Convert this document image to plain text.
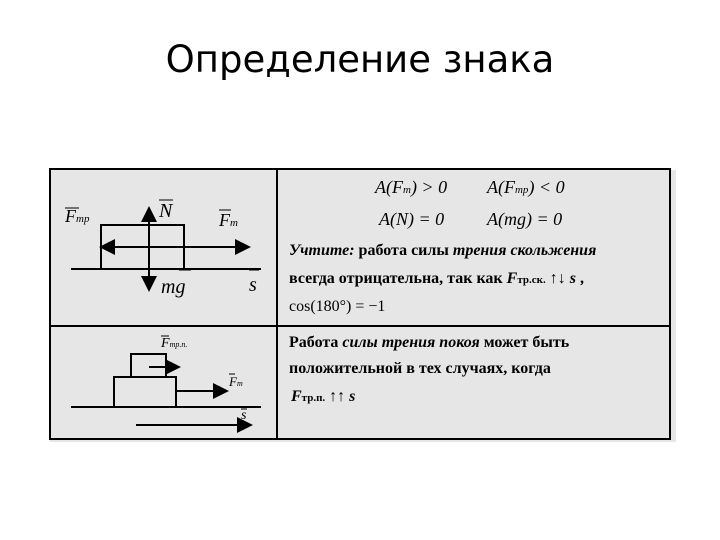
Определение знака
Fтр	N	Fт
mg	s
Fтр.п.
Fт
s
A(Fт) > 0 A(Fтр) < 0
A(N) = 0 A(mg) = 0
Учтите: работа силы трения скольжения
всегда отрицательна, так как Fтр.ск. ↑↓ s ,
cos(180°) = −1
Работа силы трения покоя может быть
положительной в тех случаях, когда
Fтр.п. ↑↑ s
